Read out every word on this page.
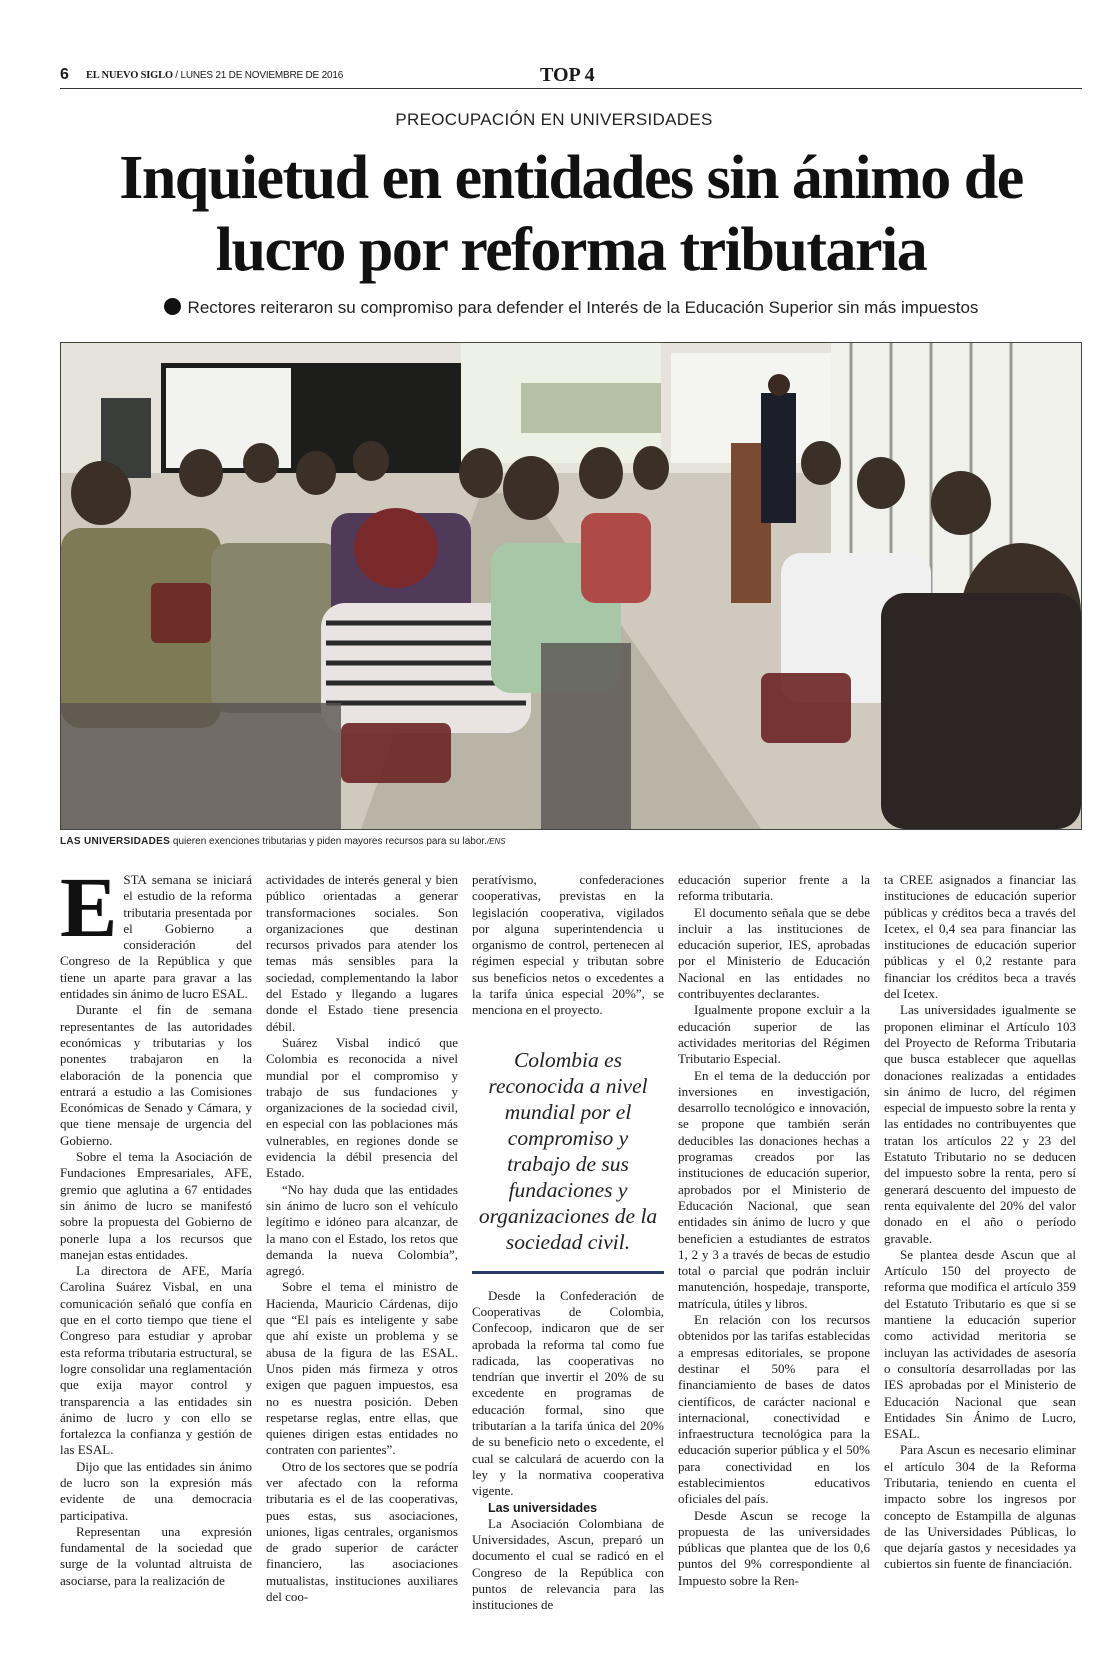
6 EL NUEVO SIGLO / LUNES 21 DE NOVIEMBRE DE 2016	TOP 4
PREOCUPACIÓN EN UNIVERSIDADES
Inquietud en entidades sin ánimo de lucro por reforma tributaria
Rectores reiteraron su compromiso para defender el Interés de la Educación Superior sin más impuestos
LAS UNIVERSIDADES quieren exenciones tributarias y piden mayores recursos para su labor./ENS

ESTA semana se iniciará el estudio de la reforma tributaria presentada por el Gobierno a consideración del Congreso de la República y que tiene un aparte para gravar a las entidades sin ánimo de lucro ESAL.

Durante el fin de semana representantes de las autoridades económicas y tributarias y los ponentes trabajaron en la elaboración de la ponencia que entrará a estudio a las Comisiones Económicas de Senado y Cámara, y que tiene mensaje de urgencia del Gobierno.

Sobre el tema la Asociación de Fundaciones Empresariales, AFE, gremio que aglutina a 67 entidades sin ánimo de lucro se manifestó sobre la propuesta del Gobierno de ponerle lupa a los recursos que manejan estas entidades.

La directora de AFE, María Carolina Suárez Visbal, en una comunicación señaló que confía en que en el corto tiempo que tiene el Congreso para estudiar y aprobar esta reforma tributaria estructural, se logre consolidar una reglamentación que exija mayor control y transparencia a las entidades sin ánimo de lucro y con ello se fortalezca la confianza y gestión de las ESAL.

Dijo que las entidades sin ánimo de lucro son la expresión más evidente de una democracia participativa.

Representan una expresión fundamental de la sociedad que surge de la voluntad altruista de asociarse, para la realización de

actividades de interés general y bien público orientadas a generar transformaciones sociales. Son organizaciones que destinan recursos privados para atender los temas más sensibles para la sociedad, complementando la labor del Estado y llegando a lugares donde el Estado tiene presencia débil.

Suárez Visbal indicó que Colombia es reconocida a nivel mundial por el compromiso y trabajo de sus fundaciones y organizaciones de la sociedad civil, en especial con las poblaciones más vulnerables, en regiones donde se evidencia la débil presencia del Estado.

“No hay duda que las entidades sin ánimo de lucro son el vehículo legítimo e idóneo para alcanzar, de la mano con el Estado, los retos que demanda la nueva Colombia”, agregó.

Sobre el tema el ministro de Hacienda, Mauricio Cárdenas, dijo que “El país es inteligente y sabe que ahí existe un problema y se abusa de la figura de las ESAL. Unos piden más firmeza y otros exigen que paguen impuestos, esa no es nuestra posición. Deben respetarse reglas, entre ellas, que quienes dirigen estas entidades no contraten con parientes”.

Otro de los sectores que se podría ver afectado con la reforma tributaria es el de las cooperativas, pues estas, sus asociaciones, uniones, ligas centrales, organismos de grado superior de carácter financiero, las asociaciones mutualistas, instituciones auxiliares del coo-

peratívismo, confederaciones cooperativas, previstas en la legislación cooperativa, vigilados por alguna superintendencia u organismo de control, pertenecen al régimen especial y tributan sobre sus beneficios netos o excedentes a la tarifa única especial 20%”, se menciona en el proyecto.

Colombia es reconocida a nivel mundial por el compromiso y trabajo de sus fundaciones y organizaciones de la sociedad civil.

Desde la Confederación de Cooperativas de Colombia, Confecoop, indicaron que de ser aprobada la reforma tal como fue radicada, las cooperativas no tendrían que invertir el 20% de su excedente en programas de educación formal, sino que tributarían a la tarifa única del 20% de su beneficio neto o excedente, el cual se calculará de acuerdo con la ley y la normativa cooperativa vigente.

Las universidades

La Asociación Colombiana de Universidades, Ascun, preparó un documento el cual se radicó en el Congreso de la República con puntos de relevancia para las instituciones de

educación superior frente a la reforma tributaria.

El documento señala que se debe incluir a las instituciones de educación superior, IES, aprobadas por el Ministerio de Educación Nacional en las entidades no contribuyentes declarantes.

Igualmente propone excluir a la educación superior de las actividades meritorias del Régimen Tributario Especial.

En el tema de la deducción por inversiones en investigación, desarrollo tecnológico e innovación, se propone que también serán deducibles las donaciones hechas a programas creados por las instituciones de educación superior, aprobados por el Ministerio de Educación Nacional, que sean entidades sin ánimo de lucro y que beneficien a estudiantes de estratos 1, 2 y 3 a través de becas de estudio total o parcial que podrán incluir manutención, hospedaje, transporte, matrícula, útiles y libros.

En relación con los recursos obtenidos por las tarifas establecidas a empresas editoriales, se propone destinar el 50% para el financiamiento de bases de datos científicos, de carácter nacional e internacional, conectividad e infraestructura tecnológica para la educación superior pública y el 50% para conectividad en los establecimientos educativos oficiales del país.

Desde Ascun se recoge la propuesta de las universidades públicas que plantea que de los 0,6 puntos del 9% correspondiente al Impuesto sobre la Ren-

ta CREE asignados a financiar las instituciones de educación superior públicas y créditos beca a través del Icetex, el 0,4 sea para financiar las instituciones de educación superior públicas y el 0,2 restante para financiar los créditos beca a través del Icetex.

Las universidades igualmente se proponen eliminar el Artículo 103 del Proyecto de Reforma Tributaria que busca establecer que aquellas donaciones realizadas a entidades sin ánimo de lucro, del régimen especial de impuesto sobre la renta y las entidades no contribuyentes que tratan los artículos 22 y 23 del Estatuto Tributario no se deducen del impuesto sobre la renta, pero sí generará descuento del impuesto de renta equivalente del 20% del valor donado en el año o período gravable.

Se plantea desde Ascun que al Artículo 150 del proyecto de reforma que modifica el artículo 359 del Estatuto Tributario es que si se mantiene la educación superior como actividad meritoria se incluyan las actividades de asesoría o consultoría desarrolladas por las IES aprobadas por el Ministerio de Educación Nacional que sean Entidades Sin Ánimo de Lucro, ESAL.

Para Ascun es necesario eliminar el artículo 304 de la Reforma Tributaria, teniendo en cuenta el impacto sobre los ingresos por concepto de Estampilla de algunas de las Universidades Públicas, lo que dejaría gastos y necesidades ya cubiertos sin fuente de financiación.
